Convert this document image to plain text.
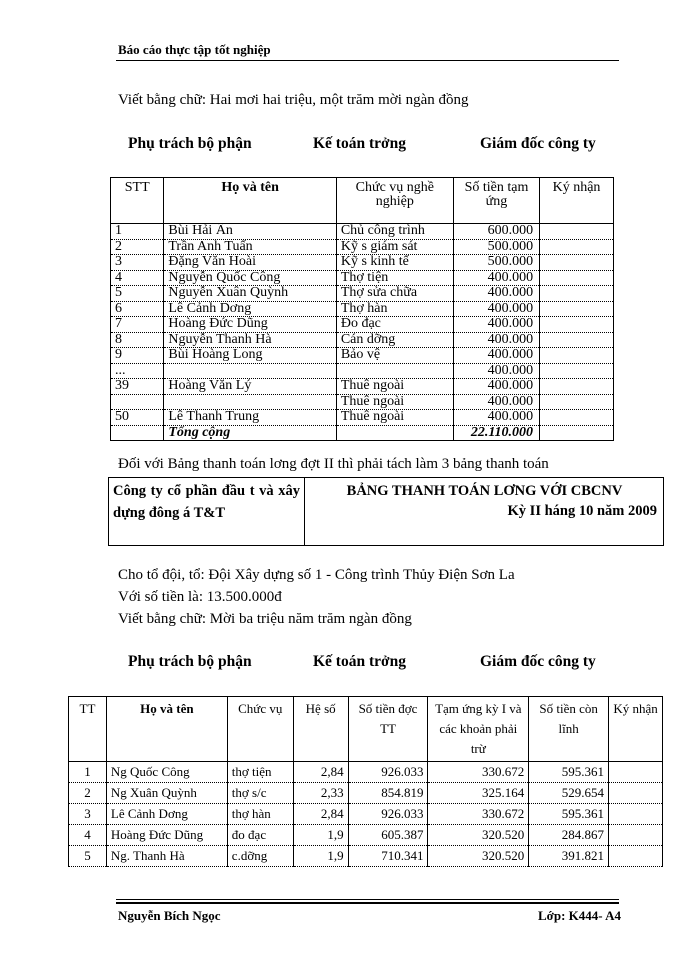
Báo cáo thực tập tốt nghiệp
Viết bằng chữ: Hai mơi hai triệu, một trăm mời ngàn đồng
Phụ trách bộ phận	Kế toán trởng	Giám đốc công ty
STT	Họ và tên	Chức vụ nghề nghiệp	Số tiền tạm ứng	Ký nhận
1	Bùi Hải Ân	Chủ công trình	600.000	
2	Trần Anh Tuấn	Kỹ s giám sát	500.000	
3	Đặng Văn Hoài	Kỹ s kinh tế	500.000	
4	Nguyễn Quốc Công	Thợ tiện	400.000	
5	Nguyễn Xuân Quỳnh	Thợ sửa chữa	400.000	
6	Lê Cảnh Dơng	Thợ hàn	400.000	
7	Hoàng Đức Dũng	Đo đạc	400.000	
8	Nguyễn Thanh Hà	Cán dỡng	400.000	
9	Bùi Hoàng Long	Bảo vệ	400.000	
...			400.000	
39	Hoàng Văn Lý	Thuê ngoài	400.000	
		Thuê ngoài	400.000	
50	Lê Thanh Trung	Thuê ngoài	400.000	
	Tổng cộng		22.110.000	
Đối với Bảng thanh toán lơng đợt II thì phải tách làm 3 bảng thanh toán
Công ty cổ phần đầu t và xây dựng đông á T&T
BẢNG THANH TOÁN LƠNG VỚI CBCNV
Kỳ II háng 10 năm 2009
Cho tổ đội, tổ: Đội Xây dựng số 1 - Công trình Thủy Điện Sơn La
Với số tiền là: 13.500.000đ
Viết bằng chữ: Mời ba triệu năm trăm ngàn đồng
Phụ trách bộ phận	Kế toán trởng	Giám đốc công ty
TT	Họ và tên	Chức vụ	Hệ số	Số tiền đợc TT	Tạm ứng kỳ I và các khoản phải trừ	Số tiền còn lĩnh	Ký nhận
1	Ng Quốc Công	thợ tiện	2,84	926.033	330.672	595.361	
2	Ng Xuân Quỳnh	thợ s/c	2,33	854.819	325.164	529.654	
3	Lê Cảnh Dơng	thợ hàn	2,84	926.033	330.672	595.361	
4	Hoàng Đức Dũng	đo đạc	1,9	605.387	320.520	284.867	
5	Ng. Thanh Hà	c.dỡng	1,9	710.341	320.520	391.821	
Nguyễn Bích Ngọc	Lớp: K444- A4
